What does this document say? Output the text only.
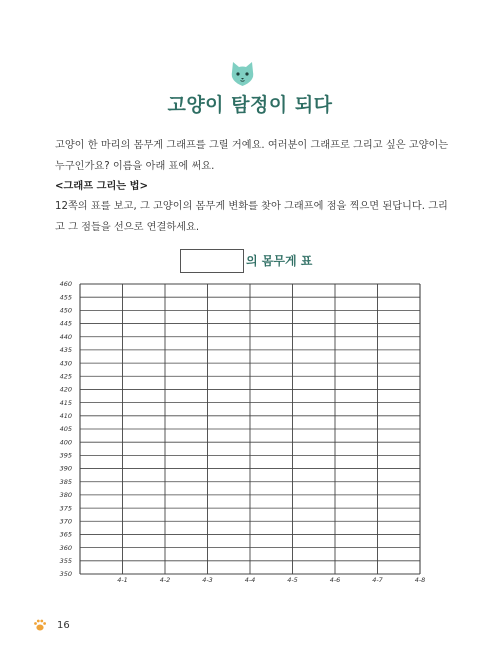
고양이 탐정이 되다
고양이 한 마리의 몸무게 그래프를 그릴 거예요. 여러분이 그래프로 그리고 싶은 고양이는 누구인가요? 이름을 아래 표에 써요.
<그래프 그리는 법>
12쪽의 표를 보고, 그 고양이의 몸무게 변화를 찾아 그래프에 점을 찍으면 된답니다. 그리고 그 점들을 선으로 연결하세요.
의 몸무게 표
460
455
450
445
440
435
430
425
420
415
410
405
400
395
390
385
380
375
370
365
360
355
350
4-1	4-2	4-3	4-4	4-5	4-6	4-7	4-8
16
